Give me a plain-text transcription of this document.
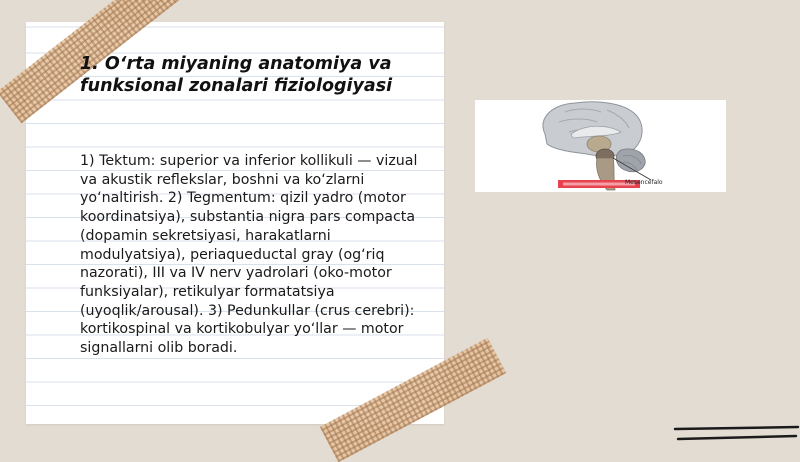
1. O‘rta miyaning anatomiya va
funksional zonalari fiziologiyasi

1) Tektum: superior va inferior kollikuli — vizual va akustik reflekslar, boshni va ko‘zlarni yo‘naltirish. 2) Tegmentum: qizil yadro (motor koordinatsiya), substantia nigra pars compacta (dopamin sekretsiyasi, harakatlarni modulyatsiya), periaqueductal gray (og‘riq nazorati), III va IV nerv yadrolari (oko-motor funksiyalar), retikulyar formatatsiya (uyoqlik/arousal). 3) Pedunkullar (crus cerebri): kortikospinal va kortikobulyar yo‘llar — motor signallarni olib boradi.

Mesencefalo
